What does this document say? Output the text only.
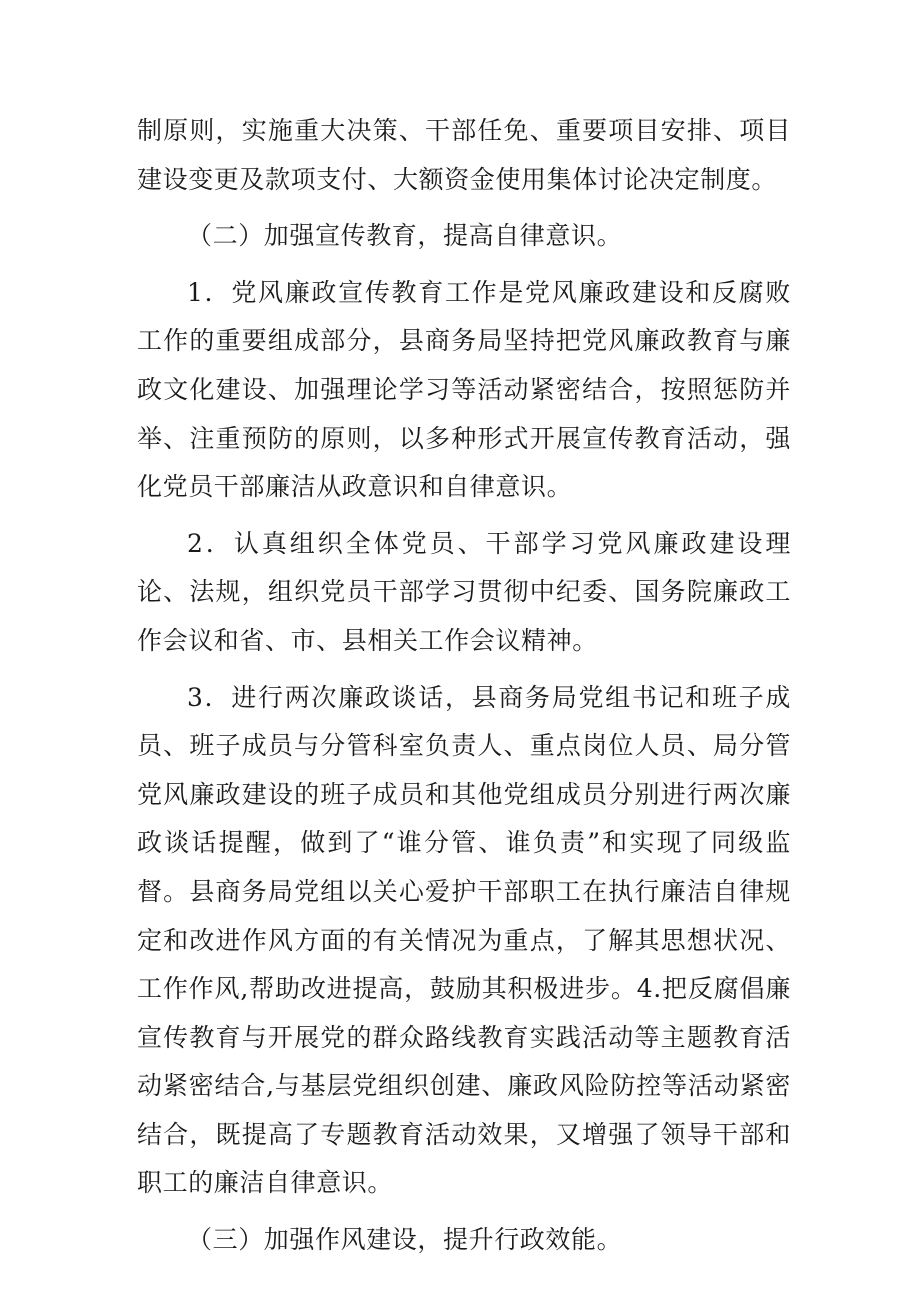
制原则，实施重大决策、干部任免、重要项目安排、项目建设变更及款项支付、大额资金使用集体讨论决定制度。

（二）加强宣传教育，提高自律意识。

1．党风廉政宣传教育工作是党风廉政建设和反腐败工作的重要组成部分，县商务局坚持把党风廉政教育与廉政文化建设、加强理论学习等活动紧密结合，按照惩防并举、注重预防的原则，以多种形式开展宣传教育活动，强化党员干部廉洁从政意识和自律意识。

2．认真组织全体党员、干部学习党风廉政建设理论、法规，组织党员干部学习贯彻中纪委、国务院廉政工作会议和省、市、县相关工作会议精神。

3．进行两次廉政谈话，县商务局党组书记和班子成员、班子成员与分管科室负责人、重点岗位人员、局分管党风廉政建设的班子成员和其他党组成员分别进行两次廉政谈话提醒，做到了“谁分管、谁负责”和实现了同级监督。县商务局党组以关心爱护干部职工在执行廉洁自律规定和改进作风方面的有关情况为重点，了解其思想状况、工作作风,帮助改进提高，鼓励其积极进步。4.把反腐倡廉宣传教育与开展党的群众路线教育实践活动等主题教育活动紧密结合,与基层党组织创建、廉政风险防控等活动紧密结合，既提高了专题教育活动效果，又增强了领导干部和职工的廉洁自律意识。

（三）加强作风建设，提升行政效能。
